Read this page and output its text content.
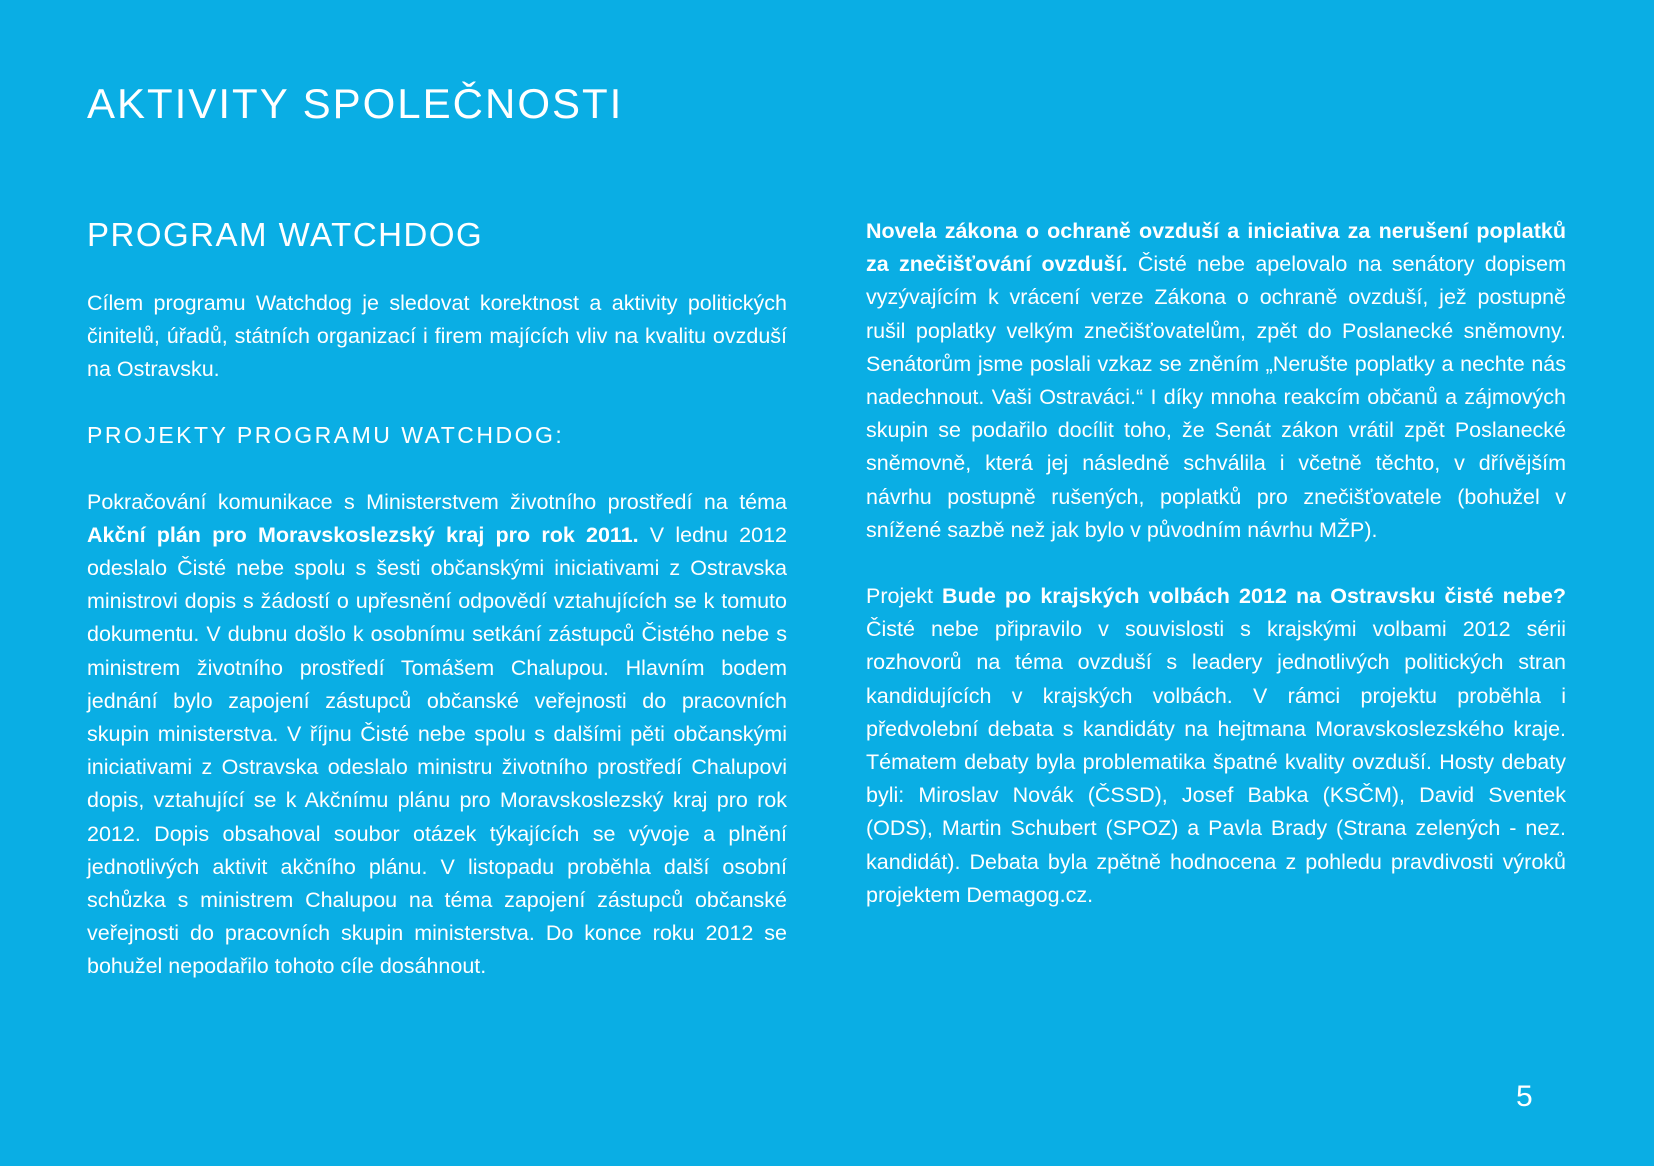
AKTIVITY SPOLEČNOSTI
PROGRAM WATCHDOG

Cílem programu Watchdog je sledovat korektnost a aktivity politických činitelů, úřadů, státních organizací i firem majících vliv na kvalitu ovzduší na Ostravsku.

PROJEKTY PROGRAMU WATCHDOG:

Pokračování komunikace s Ministerstvem životního prostředí na téma Akční plán pro Moravskoslezský kraj pro rok 2011. V lednu 2012 odeslalo Čisté nebe spolu s šesti občanskými iniciativami z Ostravska ministrovi dopis s žádostí o upřesnění odpovědí vztahujících se k tomuto dokumentu. V dubnu došlo k osobnímu setkání zástupců Čistého nebe s ministrem životního prostředí Tomášem Chalupou. Hlavním bodem jednání bylo zapojení zástupců občanské veřejnosti do pracovních skupin ministerstva. V říjnu Čisté nebe spolu s dalšími pěti občanskými iniciativami z Ostravska odeslalo ministru životního prostředí Chalupovi dopis, vztahující se k Akčnímu plánu pro Moravskoslezský kraj pro rok 2012. Dopis obsahoval soubor otázek týkajících se vývoje a plnění jednotlivých aktivit akčního plánu. V listopadu proběhla další osobní schůzka s ministrem Chalupou na téma zapojení zástupců občanské veřejnosti do pracovních skupin ministerstva. Do konce roku 2012 se bohužel nepodařilo tohoto cíle dosáhnout.

Novela zákona o ochraně ovzduší a iniciativa za nerušení poplatků za znečišťování ovzduší. Čisté nebe apelovalo na senátory dopisem vyzývajícím k vrácení verze Zákona o ochraně ovzduší, jež postupně rušil poplatky velkým znečišťovatelům, zpět do Poslanecké sněmovny. Senátorům jsme poslali vzkaz se zněním „Nerušte poplatky a nechte nás nadechnout. Vaši Ostraváci.“ I díky mnoha reakcím občanů a zájmových skupin se podařilo docílit toho, že Senát zákon vrátil zpět Poslanecké sněmovně, která jej následně schválila i včetně těchto, v dřívějším návrhu postupně rušených, poplatků pro znečišťovatele (bohužel v snížené sazbě než jak bylo v původním návrhu MŽP).

Projekt Bude po krajských volbách 2012 na Ostravsku čisté nebe? Čisté nebe připravilo v souvislosti s krajskými volbami 2012 sérii rozhovorů na téma ovzduší s leadery jednotlivých politických stran kandidujících v krajských volbách. V rámci projektu proběhla i předvolební debata s kandidáty na hejtmana Moravskoslezského kraje. Tématem debaty byla problematika špatné kvality ovzduší. Hosty debaty byli: Miroslav Novák (ČSSD), Josef Babka (KSČM), David Sventek (ODS), Martin Schubert (SPOZ) a Pavla Brady (Strana zelených - nez. kandidát). Debata byla zpětně hodnocena z pohledu pravdivosti výroků projektem Demagog.cz.

5
